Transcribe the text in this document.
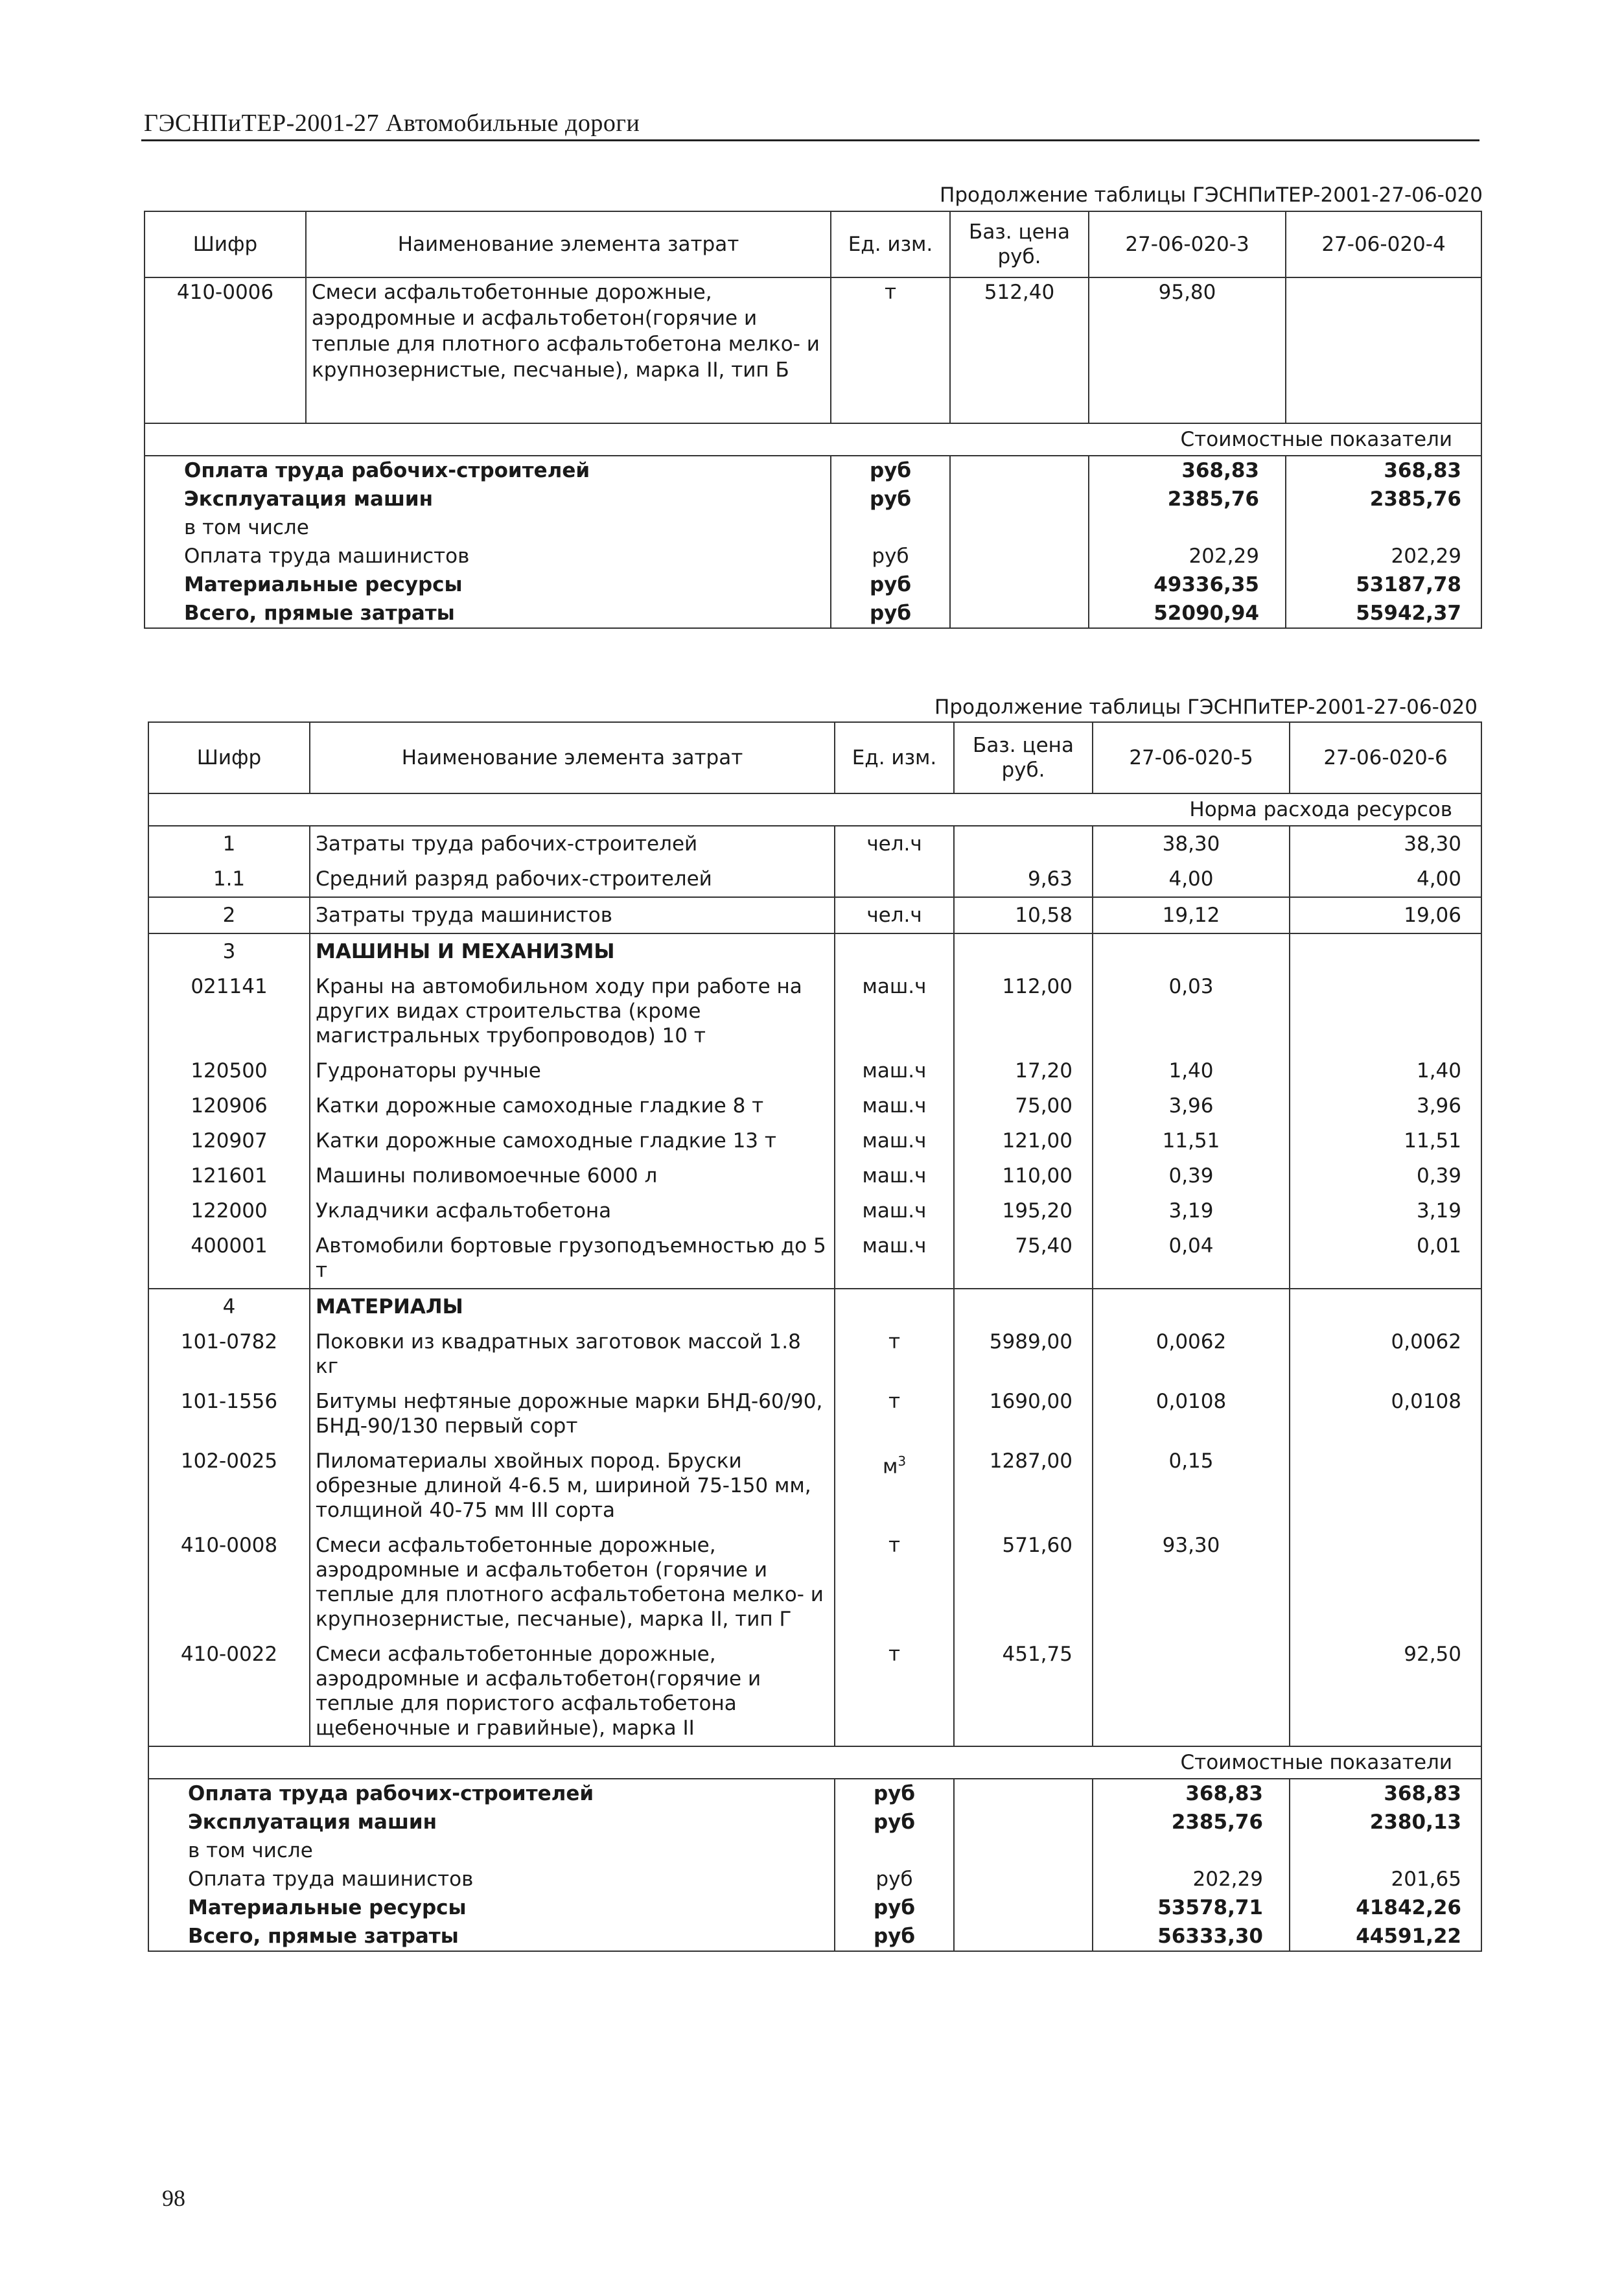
ГЭСНПиТЕР-2001-27 Автомобильные дороги
Продолжение таблицы ГЭСНПиТЕР-2001-27-06-020
Шифр	Наименование элемента затрат	Ед. изм.	Баз. цена руб.	27-06-020-3	27-06-020-4
410-0006	Смеси асфальтобетонные дорожные, аэродромные и асфальтобетон(горячие и теплые для плотного асфальтобетона мелко- и крупнозернистые, песчаные), марка II, тип Б	т	512,40	95,80	
Стоимостные показатели					
Оплата труда рабочих-строителей		руб		368,83	368,83
Эксплуатация машин		руб		2385,76	2385,76
в том числе					
Оплата труда машинистов		руб		202,29	202,29
Материальные ресурсы		руб		49336,35	53187,78
Всего, прямые затраты		руб		52090,94	55942,37
Продолжение таблицы ГЭСНПиТЕР-2001-27-06-020
Шифр	Наименование элемента затрат	Ед. изм.	Баз. цена руб.	27-06-020-5	27-06-020-6
Норма расхода ресурсов					
1	Затраты труда рабочих-строителей	чел.ч		38,30	38,30
1.1	Средний разряд рабочих-строителей		9,63	4,00	4,00
2	Затраты труда машинистов	чел.ч	10,58	19,12	19,06
3	МАШИНЫ И МЕХАНИЗМЫ				
021141	Краны на автомобильном ходу при работе на других видах строительства (кроме магистральных трубопроводов) 10 т	маш.ч	112,00	0,03	
120500	Гудронаторы ручные	маш.ч	17,20	1,40	1,40
120906	Катки дорожные самоходные гладкие 8 т	маш.ч	75,00	3,96	3,96
120907	Катки дорожные самоходные гладкие 13 т	маш.ч	121,00	11,51	11,51
121601	Машины поливомоечные 6000 л	маш.ч	110,00	0,39	0,39
122000	Укладчики асфальтобетона	маш.ч	195,20	3,19	3,19
400001	Автомобили бортовые грузоподъемностью до 5 т	маш.ч	75,40	0,04	0,01
4	МАТЕРИАЛЫ				
101-0782	Поковки из квадратных заготовок массой 1.8 кг	т	5989,00	0,0062	0,0062
101-1556	Битумы нефтяные дорожные марки БНД-60/90, БНД-90/130 первый сорт	т	1690,00	0,0108	0,0108
102-0025	Пиломатериалы хвойных пород. Бруски обрезные длиной 4-6.5 м, шириной 75-150 мм, толщиной 40-75 мм III сорта	$м^3$	1287,00	0,15	
410-0008	Смеси асфальтобетонные дорожные, аэродромные и асфальтобетон (горячие и теплые для плотного асфальтобетона мелко- и крупнозернистые, песчаные), марка II, тип Г	т	571,60	93,30	
410-0022	Смеси асфальтобетонные дорожные, аэродромные и асфальтобетон(горячие и теплые для пористого асфальтобетона щебеночные и гравийные), марка II	т	451,75		92,50
Стоимостные показатели					
Оплата труда рабочих-строителей		руб		368,83	368,83
Эксплуатация машин		руб		2385,76	2380,13
в том числе					
Оплата труда машинистов		руб		202,29	201,65
Материальные ресурсы		руб		53578,71	41842,26
Всего, прямые затраты		руб		56333,30	44591,22
98
